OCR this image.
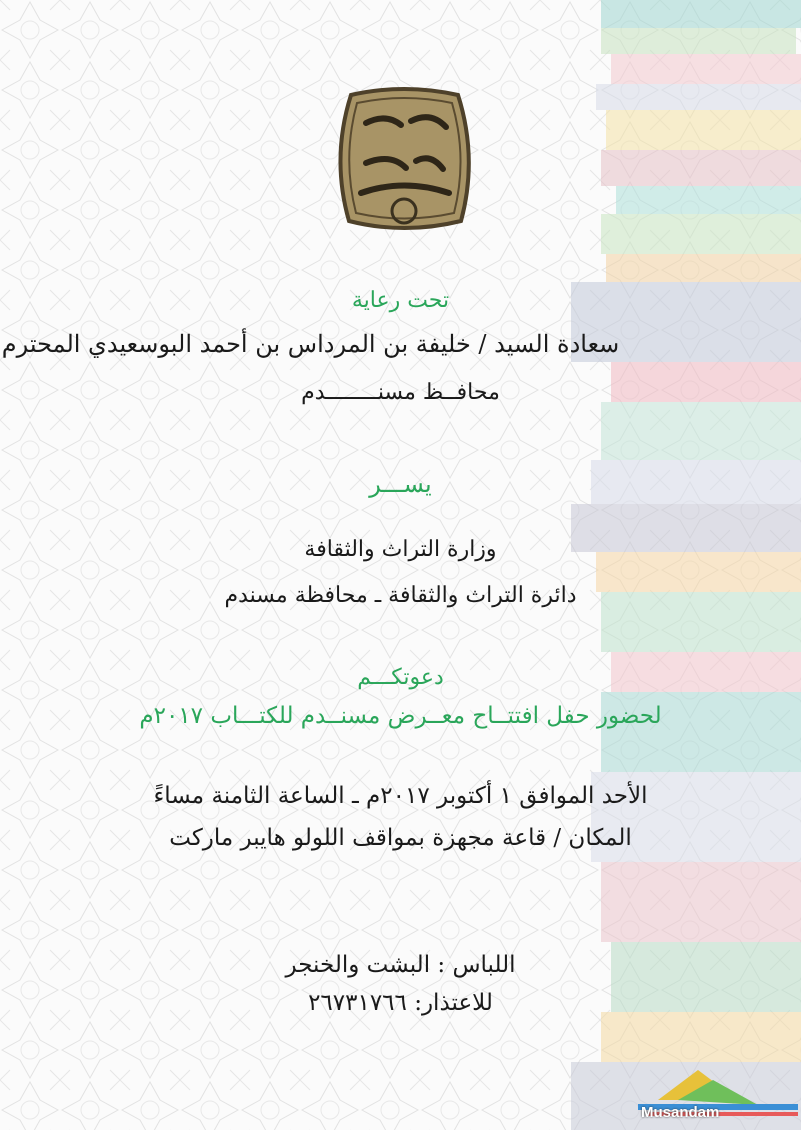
تحت رعاية
سعادة السيد / خليفة بن المرداس بن أحمد البوسعيدي المحترم
محافــظ مسنــــــــدم
يســـر
وزارة التراث والثقافة
دائرة التراث والثقافة ـ محافظة مسندم
دعوتكـــم
لحضور حفل افتتــاح معــرض مسنــدم للكتـــاب ٢٠١٧م
الأحد الموافق ١ أكتوبر ٢٠١٧م ـ الساعة الثامنة مساءً
المكان / قاعة مجهزة بمواقف اللولو هايبر ماركت
اللباس : البشت والخنجر
للاعتذار: ٢٦٧٣١٧٦٦
Musandam
